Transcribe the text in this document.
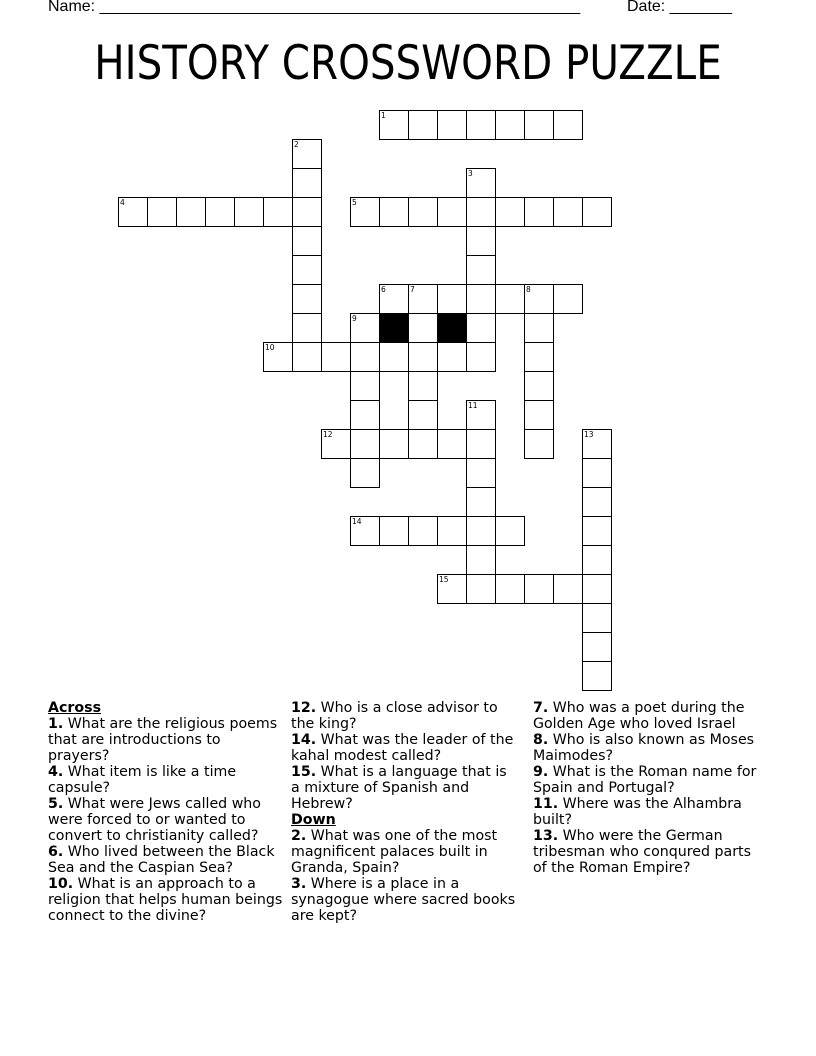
Name: ______________________________________________________	Date: _______
HISTORY CROSSWORD PUZZLE
1
2
3
4	5
6	7	8
9
10
11
12	13
14
15
Across
1. What are the religious poems that are introductions to prayers?
4. What item is like a time capsule?
5. What were Jews called who were forced to or wanted to convert to christianity called?
6. Who lived between the Black Sea and the Caspian Sea?
10. What is an approach to a religion that helps human beings connect to the divine?
12. Who is a close advisor to the king?
14. What was the leader of the kahal modest called?
15. What is a language that is a mixture of Spanish and Hebrew?
Down
2. What was one of the most magnificent palaces built in Granda, Spain?
3. Where is a place in a synagogue where sacred books are kept?
7. Who was a poet during the Golden Age who loved Israel
8. Who is also known as Moses Maimodes?
9. What is the Roman name for Spain and Portugal?
11. Where was the Alhambra built?
13. Who were the German tribesman who conqured parts of the Roman Empire?
